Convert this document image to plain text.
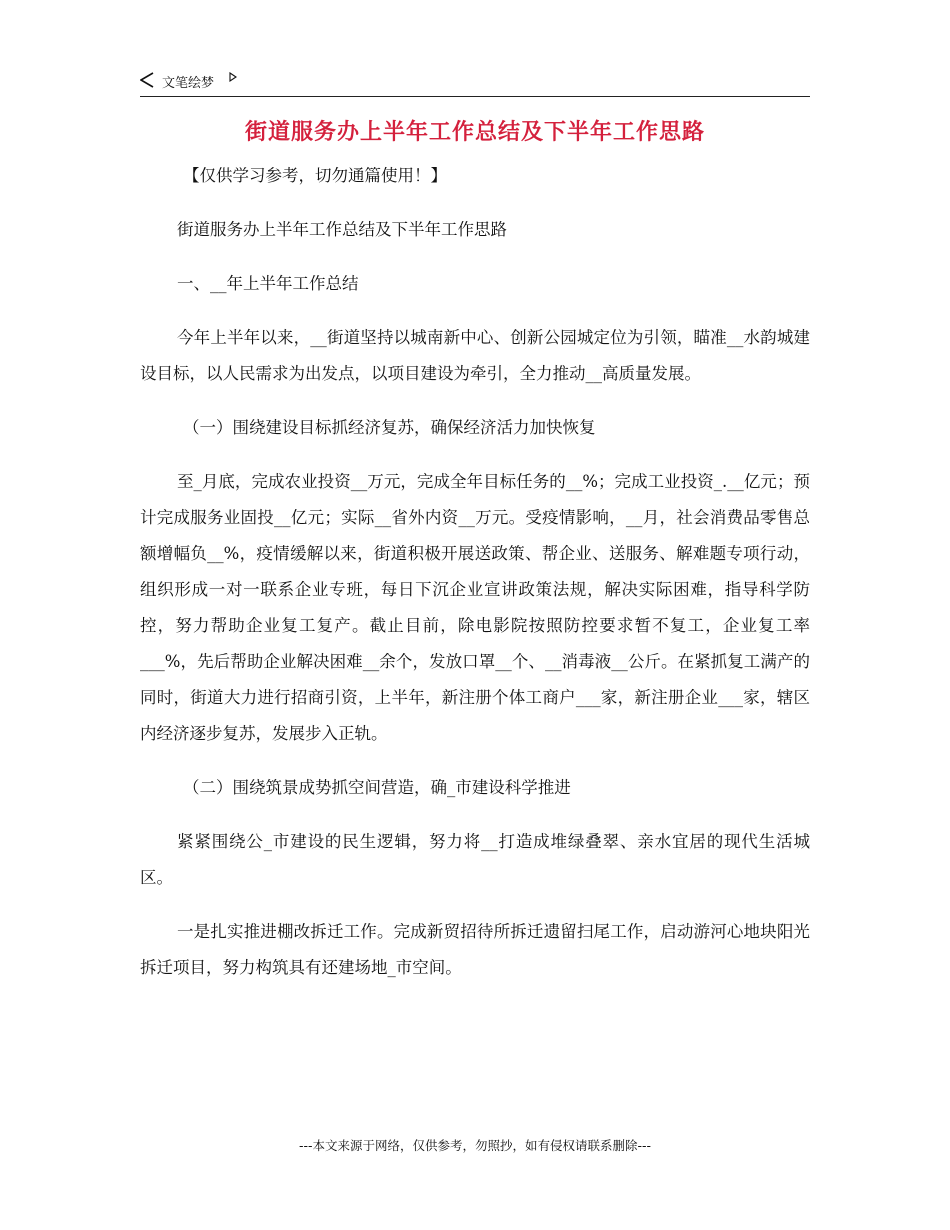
文笔绘梦
街道服务办上半年工作总结及下半年工作思路

【仅供学习参考，切勿通篇使用！】

街道服务办上半年工作总结及下半年工作思路

一、__年上半年工作总结

今年上半年以来，__街道坚持以城南新中心、创新公园城定位为引领，瞄准__水韵城建设目标，以人民需求为出发点，以项目建设为牵引，全力推动__高质量发展。

（一）围绕建设目标抓经济复苏，确保经济活力加快恢复

至_月底，完成农业投资__万元，完成全年目标任务的__%；完成工业投资_.__亿元；预计完成服务业固投__亿元；实际__省外内资__万元。受疫情影响，__月，社会消费品零售总额增幅负__%，疫情缓解以来，街道积极开展送政策、帮企业、送服务、解难题专项行动，组织形成一对一联系企业专班，每日下沉企业宣讲政策法规，解决实际困难，指导科学防控，努力帮助企业复工复产。截止目前，除电影院按照防控要求暂不复工，企业复工率___%，先后帮助企业解决困难__余个，发放口罩__个、__消毒液__公斤。在紧抓复工满产的同时，街道大力进行招商引资，上半年，新注册个体工商户___家，新注册企业___家，辖区内经济逐步复苏，发展步入正轨。

（二）围绕筑景成势抓空间营造，确_市建设科学推进

紧紧围绕公_市建设的民生逻辑，努力将__打造成堆绿叠翠、亲水宜居的现代生活城区。

一是扎实推进棚改拆迁工作。完成新贸招待所拆迁遗留扫尾工作，启动游河心地块阳光拆迁项目，努力构筑具有还建场地_市空间。

---本文来源于网络，仅供参考，勿照抄，如有侵权请联系删除---
